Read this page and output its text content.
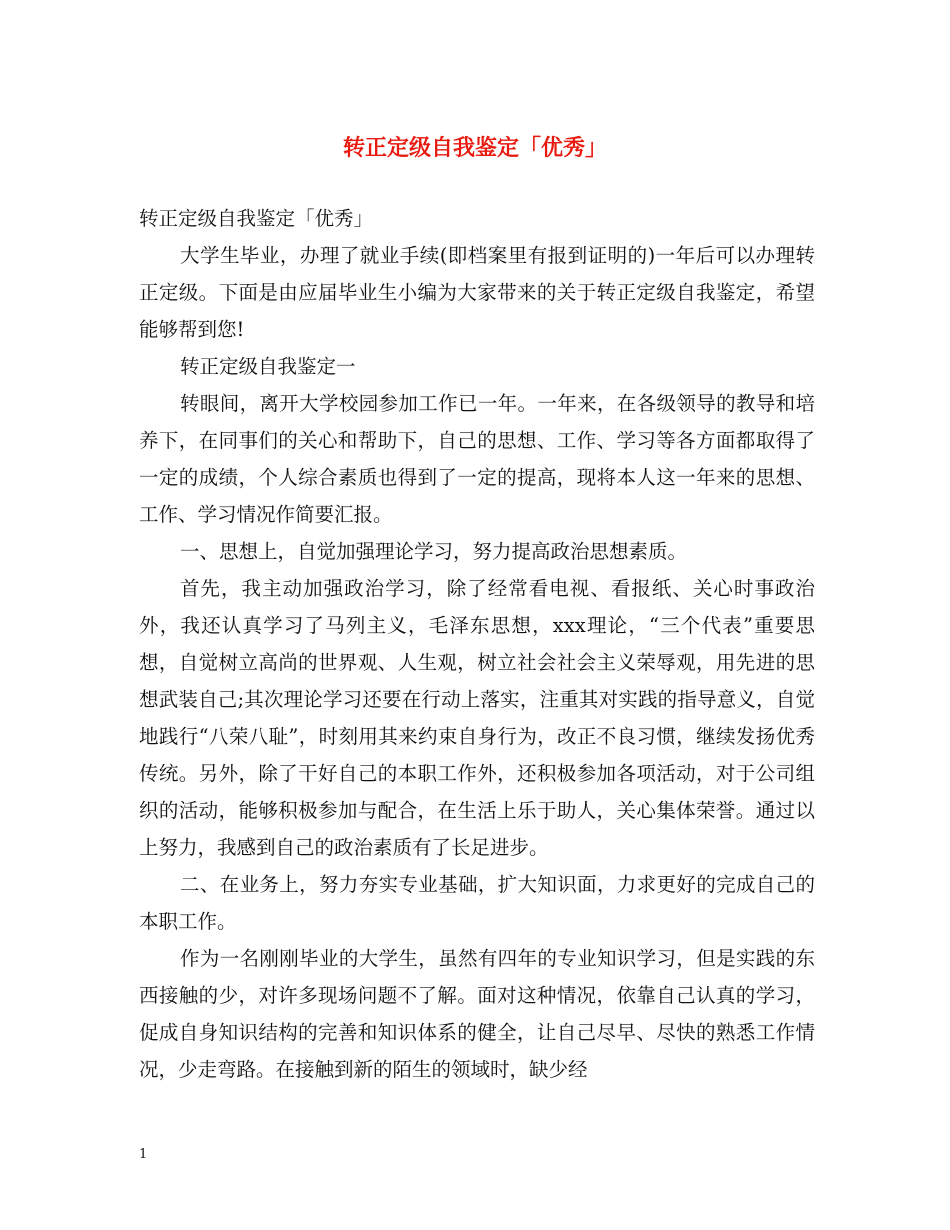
转正定级自我鉴定「优秀」

转正定级自我鉴定「优秀」

大学生毕业，办理了就业手续(即档案里有报到证明的)一年后可以办理转正定级。下面是由应届毕业生小编为大家带来的关于转正定级自我鉴定，希望能够帮到您!

转正定级自我鉴定一

转眼间，离开大学校园参加工作已一年。一年来，在各级领导的教导和培养下，在同事们的关心和帮助下，自己的思想、工作、学习等各方面都取得了一定的成绩，个人综合素质也得到了一定的提高，现将本人这一年来的思想、工作、学习情况作简要汇报。

一、思想上，自觉加强理论学习，努力提高政治思想素质。

首先，我主动加强政治学习，除了经常看电视、看报纸、关心时事政治外，我还认真学习了马列主义，毛泽东思想，xxx理论，“三个代表”重要思想，自觉树立高尚的世界观、人生观，树立社会社会主义荣辱观，用先进的思想武装自己;其次理论学习还要在行动上落实，注重其对实践的指导意义，自觉地践行“八荣八耻”，时刻用其来约束自身行为，改正不良习惯，继续发扬优秀传统。另外，除了干好自己的本职工作外，还积极参加各项活动，对于公司组织的活动，能够积极参加与配合，在生活上乐于助人，关心集体荣誉。通过以上努力，我感到自己的政治素质有了长足进步。

二、在业务上，努力夯实专业基础，扩大知识面，力求更好的完成自己的本职工作。

作为一名刚刚毕业的大学生，虽然有四年的专业知识学习，但是实践的东西接触的少，对许多现场问题不了解。面对这种情况，依靠自己认真的学习，促成自身知识结构的完善和知识体系的健全，让自己尽早、尽快的熟悉工作情况，少走弯路。在接触到新的陌生的领域时，缺少经

1
